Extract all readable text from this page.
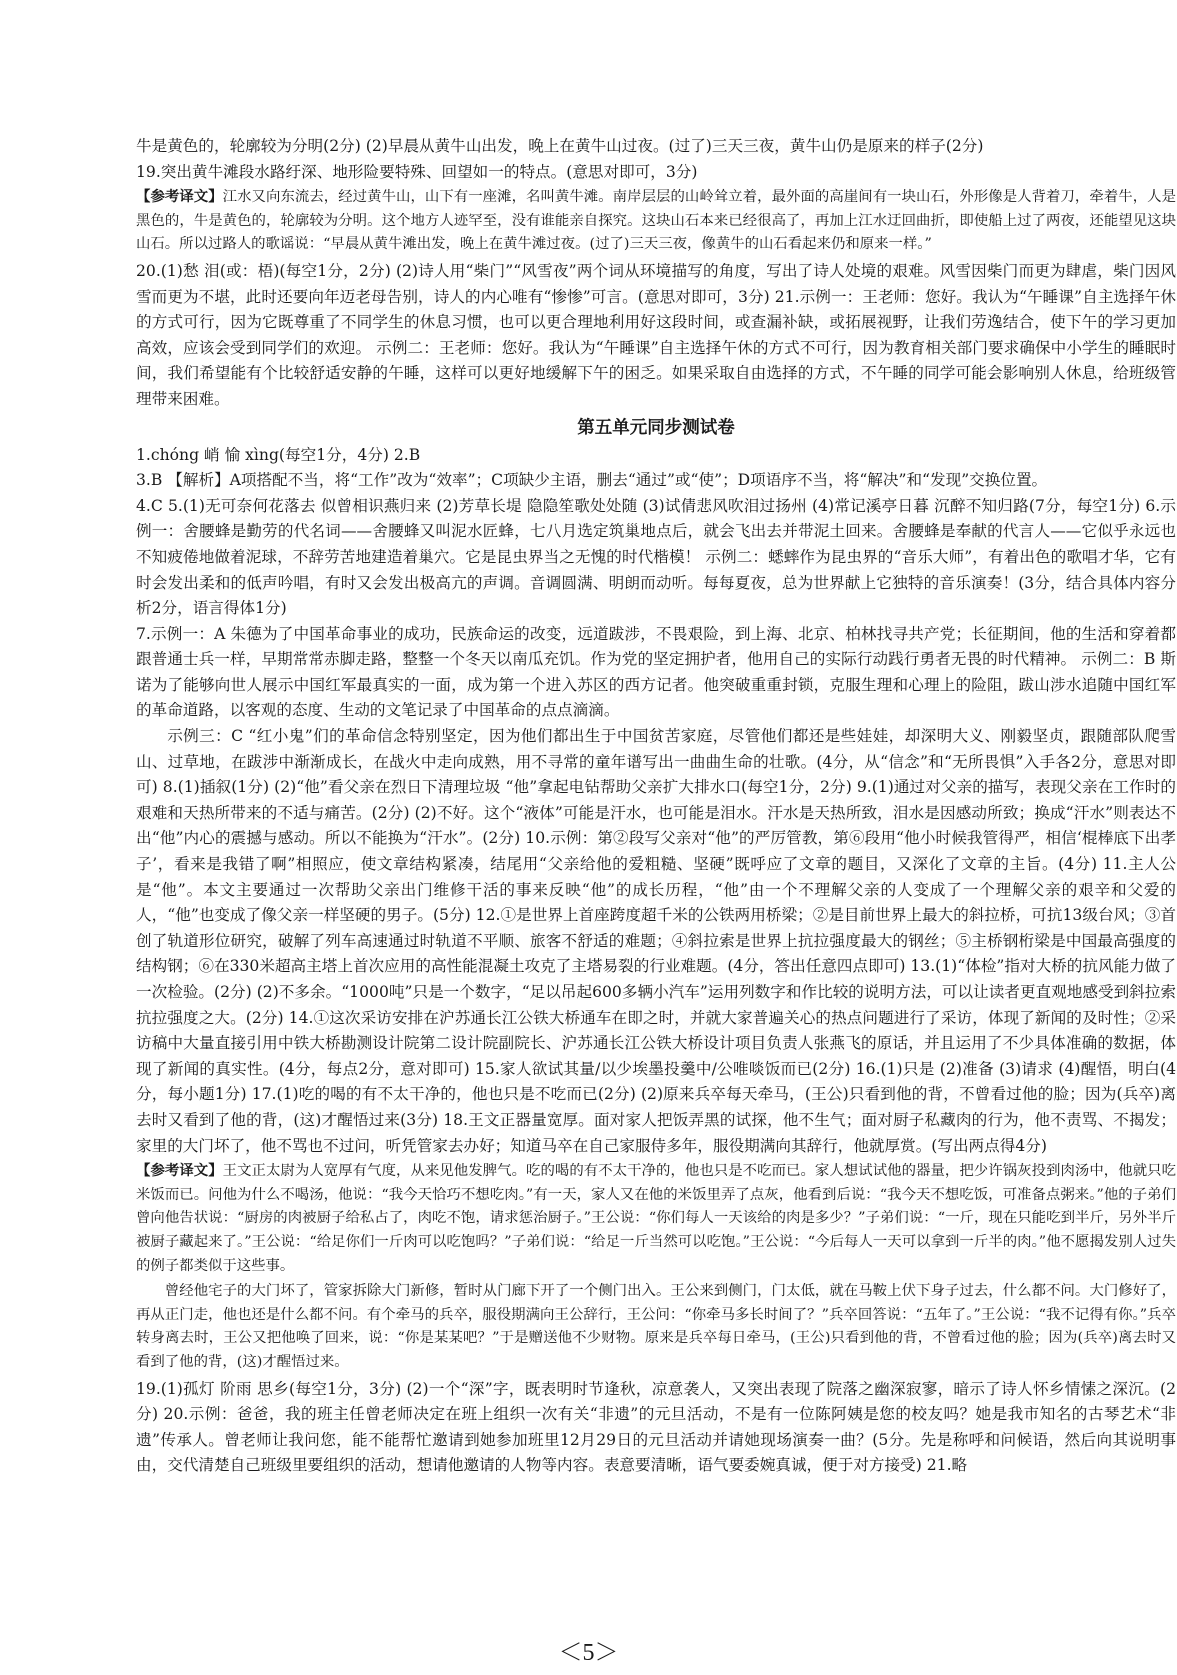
牛是黄色的，轮廓较为分明(2分) (2)早晨从黄牛山出发，晚上在黄牛山过夜。(过了)三天三夜，黄牛山仍是原来的样子(2分)

19.突出黄牛滩段水路纡深、地形险要特殊、回望如一的特点。(意思对即可，3分)

【参考译文】江水又向东流去，经过黄牛山，山下有一座滩，名叫黄牛滩。南岸层层的山岭耸立着，最外面的高崖间有一块山石，外形像是人背着刀，牵着牛，人是黑色的，牛是黄色的，轮廓较为分明。这个地方人迹罕至，没有谁能亲自探究。这块山石本来已经很高了，再加上江水迂回曲折，即使船上过了两夜，还能望见这块山石。所以过路人的歌谣说：“早晨从黄牛滩出发，晚上在黄牛滩过夜。(过了)三天三夜，像黄牛的山石看起来仍和原来一样。”

20.(1)愁 泪(或：梧)(每空1分，2分) (2)诗人用“柴门”“风雪夜”两个词从环境描写的角度，写出了诗人处境的艰难。风雪因柴门而更为肆虐，柴门因风雪而更为不堪，此时还要向年迈老母告别，诗人的内心唯有“惨惨”可言。(意思对即可，3分) 21.示例一：王老师：您好。我认为“午睡课”自主选择午休的方式可行，因为它既尊重了不同学生的休息习惯，也可以更合理地利用好这段时间，或查漏补缺，或拓展视野，让我们劳逸结合，使下午的学习更加高效，应该会受到同学们的欢迎。 示例二：王老师：您好。我认为“午睡课”自主选择午休的方式不可行，因为教育相关部门要求确保中小学生的睡眠时间，我们希望能有个比较舒适安静的午睡，这样可以更好地缓解下午的困乏。如果采取自由选择的方式，不午睡的同学可能会影响别人休息，给班级管理带来困难。

第五单元同步测试卷

1.chóng 峭 愉 xìng(每空1分，4分) 2.B

3.B 【解析】A项搭配不当，将“工作”改为“效率”；C项缺少主语，删去“通过”或“使”；D项语序不当，将“解决”和“发现”交换位置。

4.C 5.(1)无可奈何花落去 似曾相识燕归来 (2)芳草长堤 隐隐笙歌处处随 (3)试倩悲风吹泪过扬州 (4)常记溪亭日暮 沉醉不知归路(7分，每空1分) 6.示例一：舍腰蜂是勤劳的代名词——舍腰蜂又叫泥水匠蜂，七八月选定筑巢地点后，就会飞出去并带泥土回来。舍腰蜂是奉献的代言人——它似乎永远也不知疲倦地做着泥球，不辞劳苦地建造着巢穴。它是昆虫界当之无愧的时代楷模！ 示例二：蟋蟀作为昆虫界的“音乐大师”，有着出色的歌唱才华，它有时会发出柔和的低声吟唱，有时又会发出极高亢的声调。音调圆满、明朗而动听。每每夏夜，总为世界献上它独特的音乐演奏！(3分，结合具体内容分析2分，语言得体1分)

7.示例一：A 朱德为了中国革命事业的成功，民族命运的改变，远道跋涉，不畏艰险，到上海、北京、柏林找寻共产党；长征期间，他的生活和穿着都跟普通士兵一样，早期常常赤脚走路，整整一个冬天以南瓜充饥。作为党的坚定拥护者，他用自己的实际行动践行勇者无畏的时代精神。 示例二：B 斯诺为了能够向世人展示中国红军最真实的一面，成为第一个进入苏区的西方记者。他突破重重封锁，克服生理和心理上的险阻，跋山涉水追随中国红军的革命道路，以客观的态度、生动的文笔记录了中国革命的点点滴滴。

示例三：C “红小鬼”们的革命信念特别坚定，因为他们都出生于中国贫苦家庭，尽管他们都还是些娃娃，却深明大义、刚毅坚贞，跟随部队爬雪山、过草地，在跋涉中渐渐成长，在战火中走向成熟，用不寻常的童年谱写出一曲曲生命的壮歌。(4分，从“信念”和“无所畏惧”入手各2分，意思对即可) 8.(1)插叙(1分) (2)“他”看父亲在烈日下清理垃圾 “他”拿起电钻帮助父亲扩大排水口(每空1分，2分) 9.(1)通过对父亲的描写，表现父亲在工作时的艰难和天热所带来的不适与痛苦。(2分) (2)不好。这个“液体”可能是汗水，也可能是泪水。汗水是天热所致，泪水是因感动所致；换成“汗水”则表达不出“他”内心的震撼与感动。所以不能换为“汗水”。(2分) 10.示例：第②段写父亲对“他”的严厉管教，第⑥段用“他小时候我管得严，相信‘棍棒底下出孝子’，看来是我错了啊”相照应，使文章结构紧凑，结尾用“父亲给他的爱粗糙、坚硬”既呼应了文章的题目，又深化了文章的主旨。(4分) 11.主人公是“他”。本文主要通过一次帮助父亲出门维修干活的事来反映“他”的成长历程，“他”由一个不理解父亲的人变成了一个理解父亲的艰辛和父爱的人，“他”也变成了像父亲一样坚硬的男子。(5分) 12.①是世界上首座跨度超千米的公铁两用桥梁；②是目前世界上最大的斜拉桥，可抗13级台风；③首创了轨道形位研究，破解了列车高速通过时轨道不平顺、旅客不舒适的难题；④斜拉索是世界上抗拉强度最大的钢丝；⑤主桥钢桁梁是中国最高强度的结构钢；⑥在330米超高主塔上首次应用的高性能混凝土攻克了主塔易裂的行业难题。(4分，答出任意四点即可) 13.(1)“体检”指对大桥的抗风能力做了一次检验。(2分) (2)不多余。“1000吨”只是一个数字，“足以吊起600多辆小汽车”运用列数字和作比较的说明方法，可以让读者更直观地感受到斜拉索抗拉强度之大。(2分) 14.①这次采访安排在沪苏通长江公铁大桥通车在即之时，并就大家普遍关心的热点问题进行了采访，体现了新闻的及时性；②采访稿中大量直接引用中铁大桥勘测设计院第二设计院副院长、沪苏通长江公铁大桥设计项目负责人张燕飞的原话，并且运用了不少具体准确的数据，体现了新闻的真实性。(4分，每点2分，意对即可) 15.家人欲试其量/以少埃墨投羹中/公唯啖饭而已(2分) 16.(1)只是 (2)准备 (3)请求 (4)醒悟，明白(4分，每小题1分) 17.(1)吃的喝的有不太干净的，他也只是不吃而已(2分) (2)原来兵卒每天牵马，(王公)只看到他的背，不曾看过他的脸；因为(兵卒)离去时又看到了他的背，(这)才醒悟过来(3分) 18.王文正器量宽厚。面对家人把饭弄黑的试探，他不生气；面对厨子私藏肉的行为，他不责骂、不揭发；家里的大门坏了，他不骂也不过问，听凭管家去办好；知道马卒在自己家服侍多年，服役期满向其辞行，他就厚赏。(写出两点得4分)

【参考译文】王文正太尉为人宽厚有气度，从来见他发脾气。吃的喝的有不太干净的，他也只是不吃而已。家人想试试他的器量，把少许锅灰投到肉汤中，他就只吃米饭而已。问他为什么不喝汤，他说：“我今天恰巧不想吃肉。”有一天，家人又在他的米饭里弄了点灰，他看到后说：“我今天不想吃饭，可准备点粥来。”他的子弟们曾向他告状说：“厨房的肉被厨子给私占了，肉吃不饱，请求惩治厨子。”王公说：“你们每人一天该给的肉是多少？”子弟们说：“一斤，现在只能吃到半斤，另外半斤被厨子藏起来了。”王公说：“给足你们一斤肉可以吃饱吗？”子弟们说：“给足一斤当然可以吃饱。”王公说：“今后每人一天可以拿到一斤半的肉。”他不愿揭发别人过失的例子都类似于这些事。

曾经他宅子的大门坏了，管家拆除大门新修，暂时从门廊下开了一个侧门出入。王公来到侧门，门太低，就在马鞍上伏下身子过去，什么都不问。大门修好了，再从正门走，他也还是什么都不问。有个牵马的兵卒，服役期满向王公辞行，王公问：“你牵马多长时间了？”兵卒回答说：“五年了。”王公说：“我不记得有你。”兵卒转身离去时，王公又把他唤了回来，说：“你是某某吧？”于是赠送他不少财物。原来是兵卒每日牵马，(王公)只看到他的背，不曾看过他的脸；因为(兵卒)离去时又看到了他的背，(这)才醒悟过来。

19.(1)孤灯 阶雨 思乡(每空1分，3分) (2)一个“深”字，既表明时节逢秋，凉意袭人，又突出表现了院落之幽深寂寥，暗示了诗人怀乡情愫之深沉。(2分) 20.示例：爸爸，我的班主任曾老师决定在班上组织一次有关“非遗”的元旦活动，不是有一位陈阿姨是您的校友吗？她是我市知名的古琴艺术“非遗”传承人。曾老师让我问您，能不能帮忙邀请到她参加班里12月29日的元旦活动并请她现场演奏一曲？(5分。先是称呼和问候语，然后向其说明事由，交代清楚自己班级里要组织的活动，想请他邀请的人物等内容。表意要清晰，语气要委婉真诚，便于对方接受) 21.略

＜5＞
